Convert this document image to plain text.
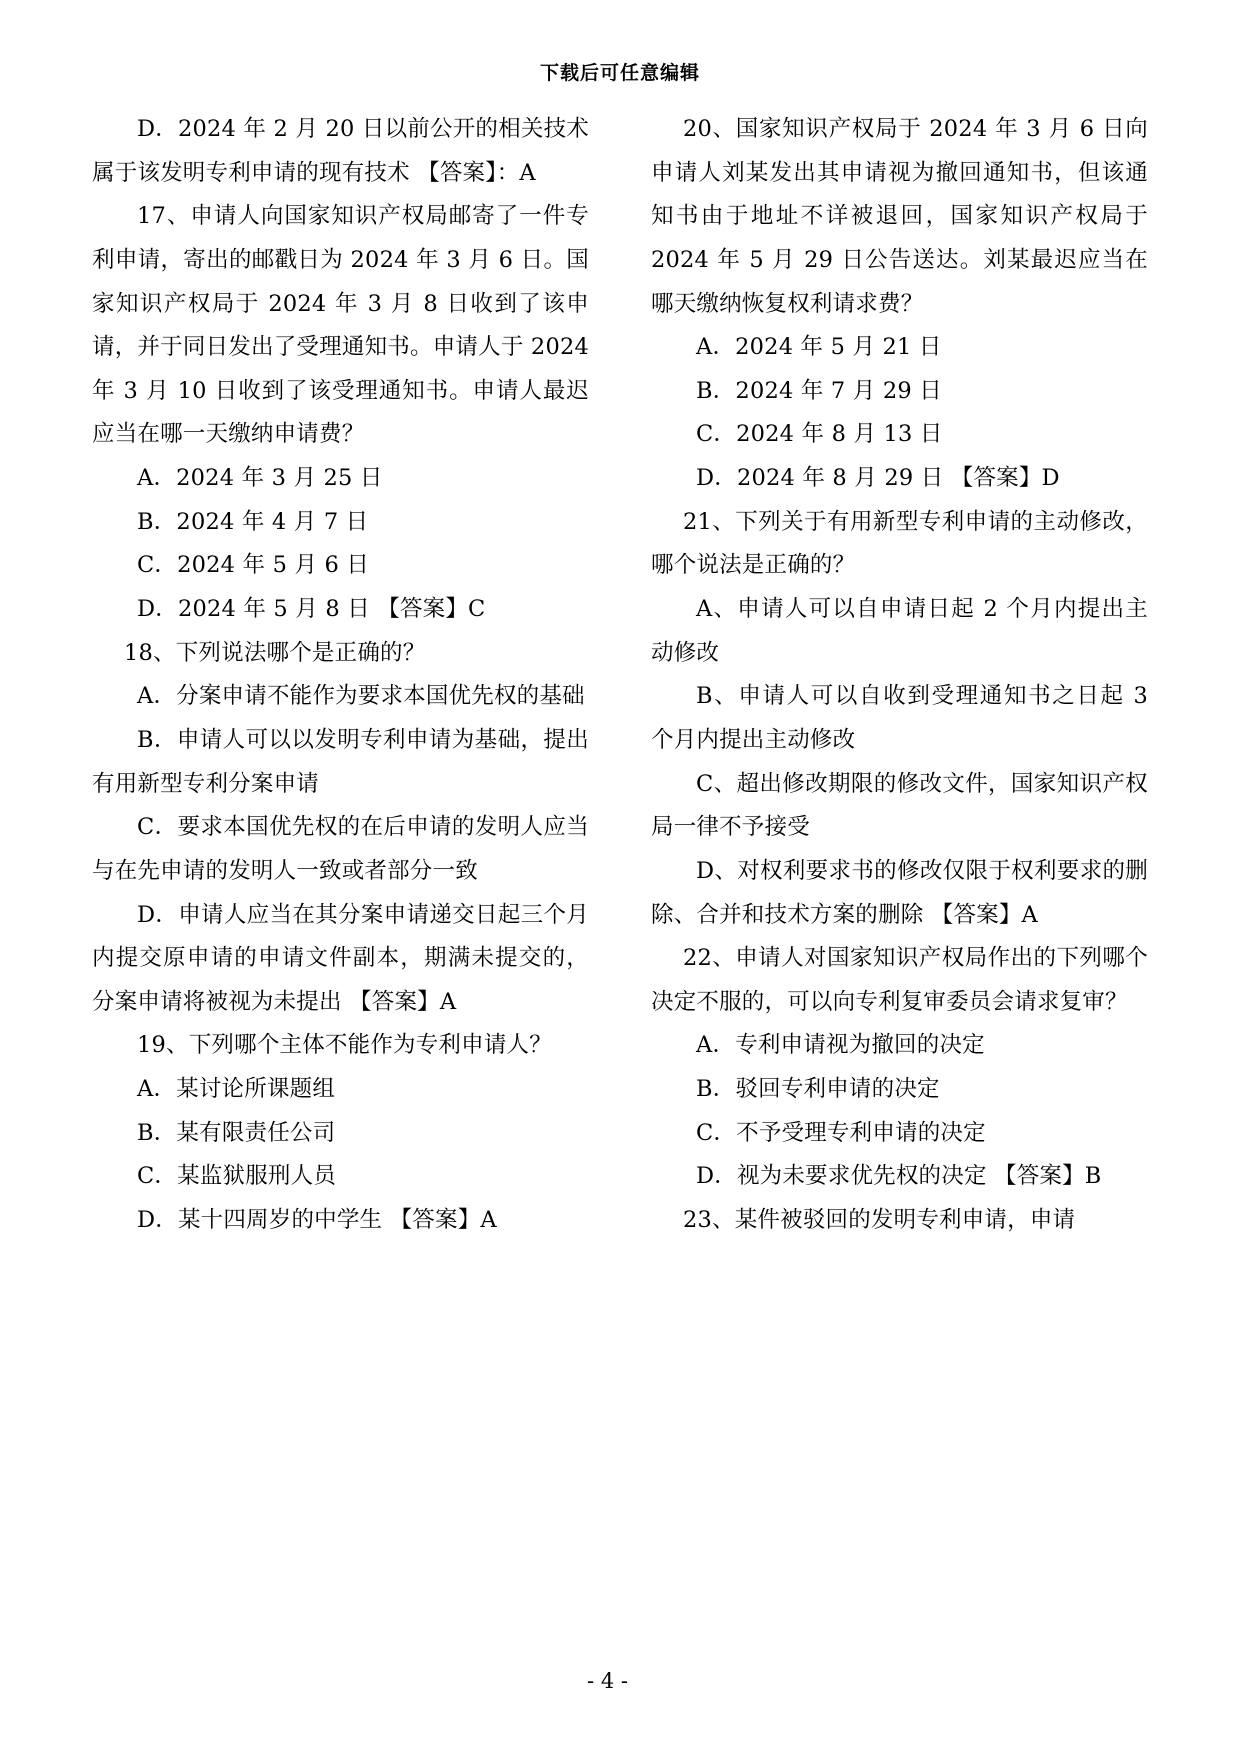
下载后可任意编辑

D．2024 年 2 月 20 日以前公开的相关技术属于该发明专利申请的现有技术 【答案】：A

17、申请人向国家知识产权局邮寄了一件专利申请，寄出的邮戳日为 2024 年 3 月 6 日。国家知识产权局于 2024 年 3 月 8 日收到了该申请，并于同日发出了受理通知书。申请人于 2024 年 3 月 10 日收到了该受理通知书。申请人最迟应当在哪一天缴纳申请费？

A．2024 年 3 月 25 日

B．2024 年 4 月 7 日

C．2024 年 5 月 6 日

D．2024 年 5 月 8 日 【答案】C

18、下列说法哪个是正确的？

A．分案申请不能作为要求本国优先权的基础

B．申请人可以以发明专利申请为基础，提出有用新型专利分案申请

C．要求本国优先权的在后申请的发明人应当与在先申请的发明人一致或者部分一致

D．申请人应当在其分案申请递交日起三个月内提交原申请的申请文件副本，期满未提交的，分案申请将被视为未提出 【答案】A

19、下列哪个主体不能作为专利申请人？

A．某讨论所课题组

B．某有限责任公司

C．某监狱服刑人员

D．某十四周岁的中学生 【答案】A

20、国家知识产权局于 2024 年 3 月 6 日向申请人刘某发出其申请视为撤回通知书，但该通知书由于地址不详被退回，国家知识产权局于 2024 年 5 月 29 日公告送达。刘某最迟应当在哪天缴纳恢复权利请求费？

A．2024 年 5 月 21 日

B．2024 年 7 月 29 日

C．2024 年 8 月 13 日

D．2024 年 8 月 29 日 【答案】D

21、下列关于有用新型专利申请的主动修改，哪个说法是正确的？

A、申请人可以自申请日起 2 个月内提出主动修改

B、申请人可以自收到受理通知书之日起 3 个月内提出主动修改

C、超出修改期限的修改文件，国家知识产权局一律不予接受

D、对权利要求书的修改仅限于权利要求的删除、合并和技术方案的删除 【答案】A

22、申请人对国家知识产权局作出的下列哪个决定不服的，可以向专利复审委员会请求复审？

A．专利申请视为撤回的决定

B．驳回专利申请的决定

C．不予受理专利申请的决定

D．视为未要求优先权的决定 【答案】B

23、某件被驳回的发明专利申请，申请

- 4 -
